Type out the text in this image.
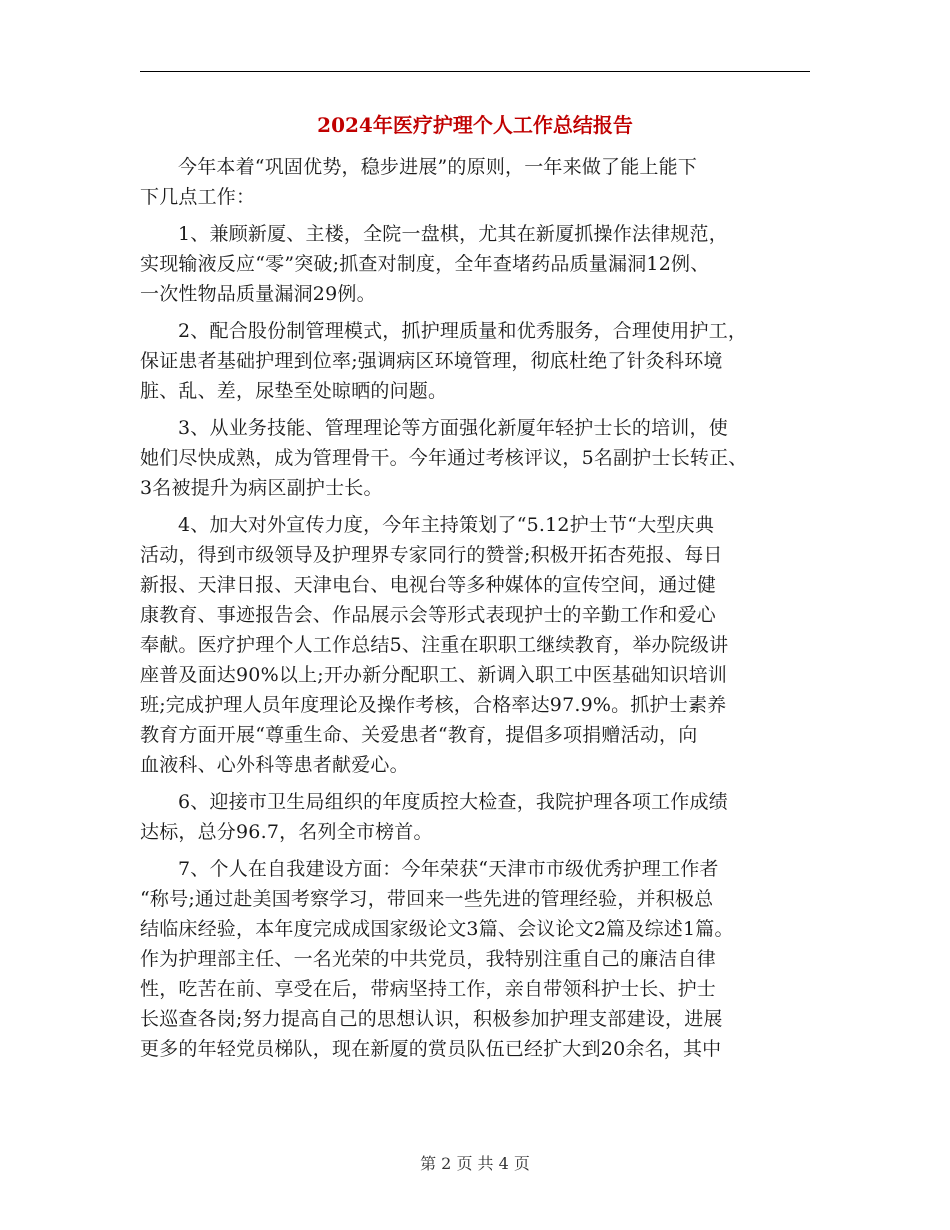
2024年医疗护理个人工作总结报告

今年本着“巩固优势，稳步进展”的原则，一年来做了能上能下
下几点工作：

1、兼顾新厦、主楼，全院一盘棋，尤其在新厦抓操作法律规范，
实现输液反应“零”突破;抓查对制度，全年查堵药品质量漏洞12例、
一次性物品质量漏洞29例。

2、配合股份制管理模式，抓护理质量和优秀服务，合理使用护工，
保证患者基础护理到位率;强调病区环境管理，彻底杜绝了针灸科环境
脏、乱、差，尿垫至处晾晒的问题。

3、从业务技能、管理理论等方面强化新厦年轻护士长的培训，使
她们尽快成熟，成为管理骨干。今年通过考核评议，5名副护士长转正、
3名被提升为病区副护士长。

4、加大对外宣传力度，今年主持策划了“5.12护士节“大型庆典
活动，得到市级领导及护理界专家同行的赞誉;积极开拓杏苑报、每日
新报、天津日报、天津电台、电视台等多种媒体的宣传空间，通过健
康教育、事迹报告会、作品展示会等形式表现护士的辛勤工作和爱心
奉献。医疗护理个人工作总结5、注重在职职工继续教育，举办院级讲
座普及面达90%以上;开办新分配职工、新调入职工中医基础知识培训
班;完成护理人员年度理论及操作考核，合格率达97.9%。抓护士素养
教育方面开展“尊重生命、关爱患者“教育，提倡多项捐赠活动，向
血液科、心外科等患者献爱心。

6、迎接市卫生局组织的年度质控大检查，我院护理各项工作成绩
达标，总分96.7，名列全市榜首。

7、个人在自我建设方面：今年荣获“天津市市级优秀护理工作者
“称号;通过赴美国考察学习，带回来一些先进的管理经验，并积极总
结临床经验，本年度完成成国家级论文3篇、会议论文2篇及综述1篇。
作为护理部主任、一名光荣的中共党员，我特别注重自己的廉洁自律
性，吃苦在前、享受在后，带病坚持工作，亲自带领科护士长、护士
长巡查各岗;努力提高自己的思想认识，积极参加护理支部建设，进展
更多的年轻党员梯队，现在新厦的赏员队伍已经扩大到20余名，其中

第 2 页 共 4 页
